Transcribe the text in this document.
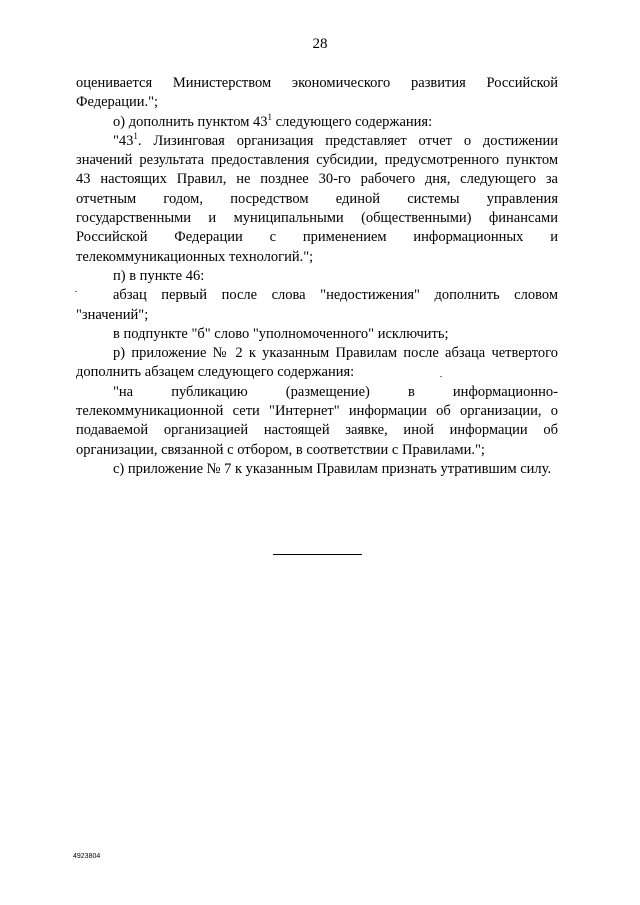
28

оценивается Министерством экономического развития Российской Федерации.";

о) дополнить пунктом $43^1$ следующего содержания:

"$43^1$. Лизинговая организация представляет отчет о достижении значений результата предоставления субсидии, предусмотренного пунктом 43 настоящих Правил, не позднее 30-го рабочего дня, следующего за отчетным годом, посредством единой системы управления государственными и муниципальными (общественными) финансами Российской Федерации с применением информационных и телекоммуникационных технологий.";

п) в пункте 46:

абзац первый после слова "недостижения" дополнить словом "значений";

в подпункте "б" слово "уполномоченного" исключить;

р) приложение № 2 к указанным Правилам после абзаца четвертого дополнить абзацем следующего содержания:

"на публикацию (размещение) в информационно-телекоммуникационной сети "Интернет" информации об организации, о подаваемой организацией настоящей заявке, иной информации об организации, связанной с отбором, в соответствии с Правилами.";

с) приложение № 7 к указанным Правилам признать утратившим силу.

4923804
